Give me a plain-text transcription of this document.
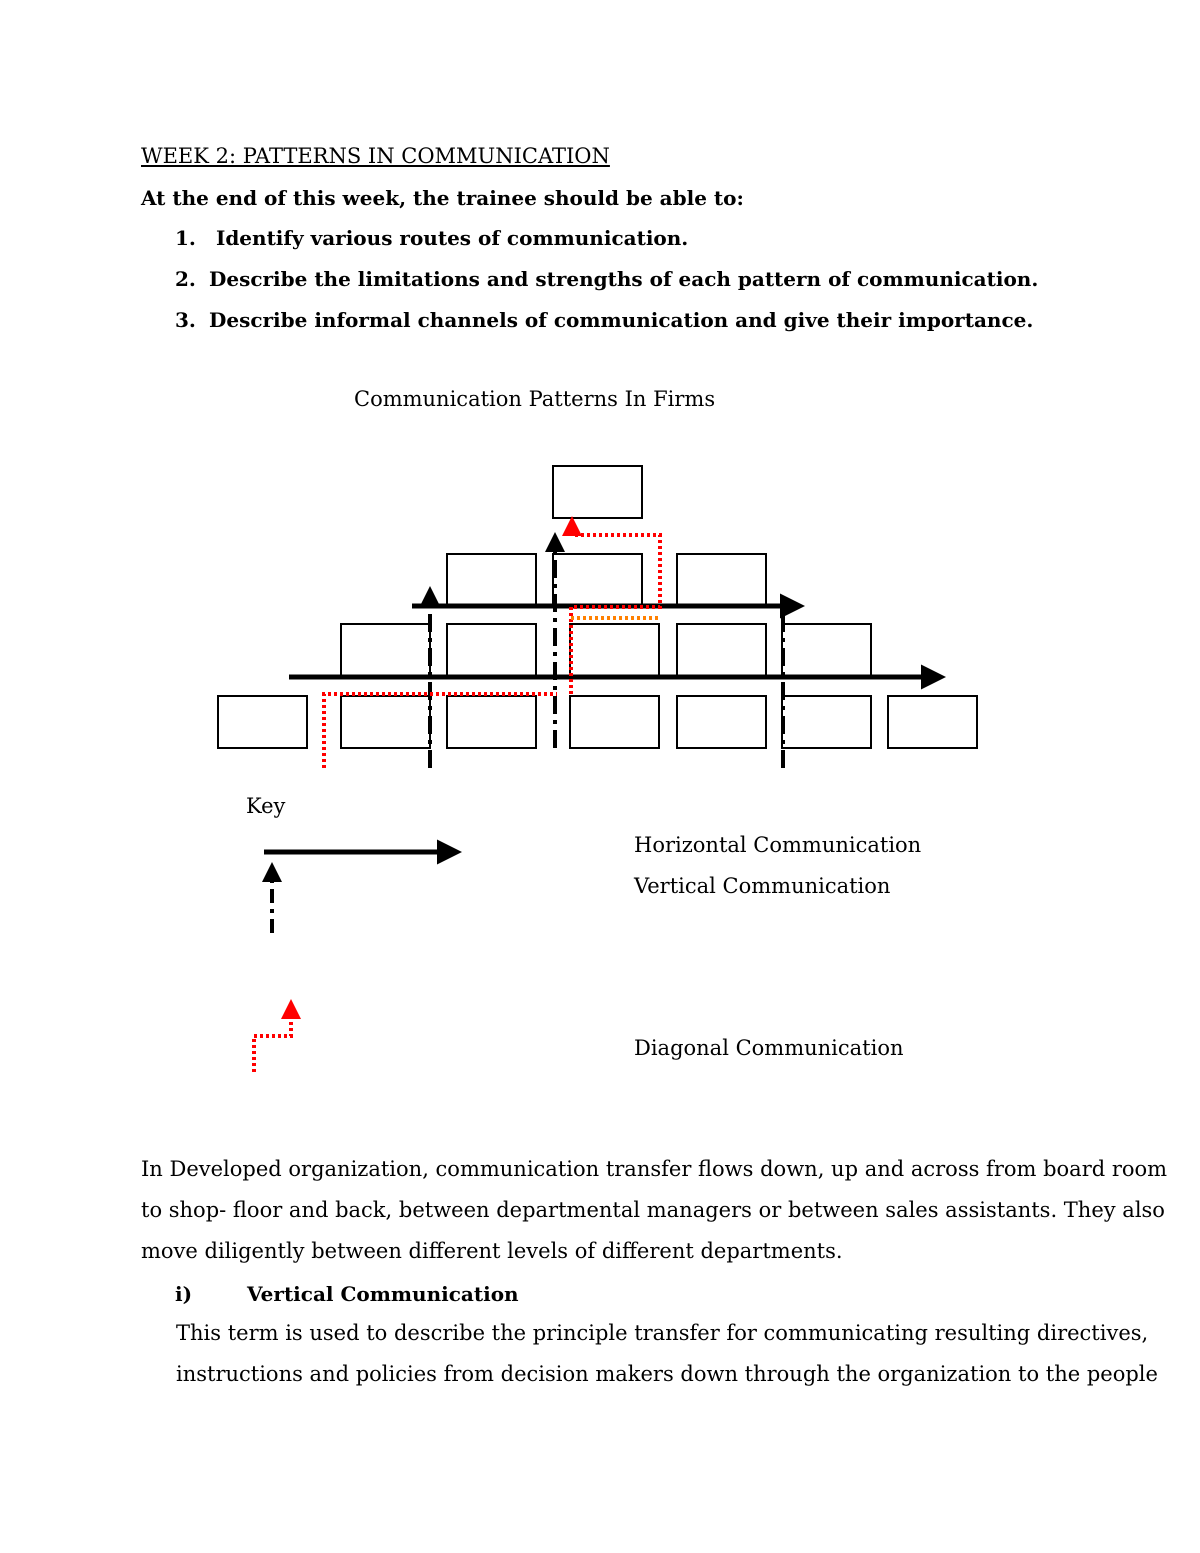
WEEK 2: PATTERNS IN COMMUNICATION
At the end of this week, the trainee should be able to:
1. Identify various routes of communication.
2. Describe the limitations and strengths of each pattern of communication.
3. Describe informal channels of communication and give their importance.
Communication Patterns In Firms
Key
Horizontal Communication
Vertical Communication
Diagonal Communication
In Developed organization, communication transfer flows down, up and across from board room
to shop- floor and back, between departmental managers or between sales assistants. They also
move diligently between different levels of different departments.
i)	Vertical Communication
This term is used to describe the principle transfer for communicating resulting directives,
instructions and policies from decision makers down through the organization to the people
